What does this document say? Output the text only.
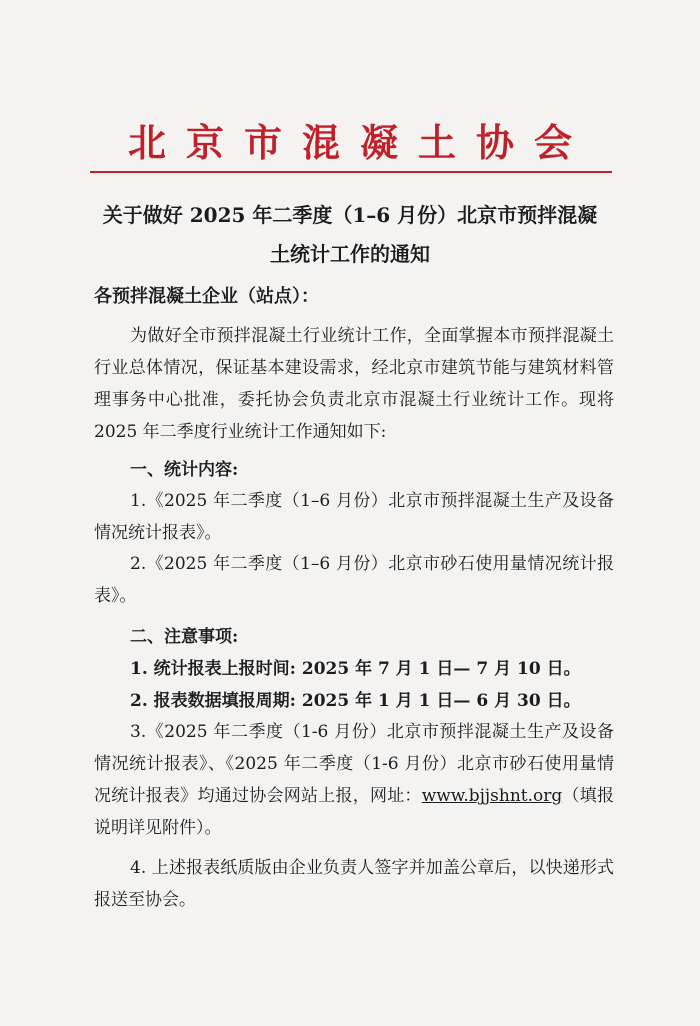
北京市混凝土协会
关于做好 2025 年二季度（1–6 月份）北京市预拌混凝
土统计工作的通知
各预拌混凝土企业（站点）：
为做好全市预拌混凝土行业统计工作，全面掌握本市预拌混凝土行业总体情况，保证基本建设需求，经北京市建筑节能与建筑材料管理事务中心批准，委托协会负责北京市混凝土行业统计工作。现将 2025 年二季度行业统计工作通知如下:
一、统计内容:
1.《2025 年二季度（1–6 月份）北京市预拌混凝土生产及设备情况统计报表》。
2.《2025 年二季度（1–6 月份）北京市砂石使用量情况统计报表》。
二、注意事项:
1. 统计报表上报时间: 2025 年 7 月 1 日— 7 月 10 日。
2. 报表数据填报周期: 2025 年 1 月 1 日— 6 月 30 日。
3.《2025 年二季度（1-6 月份）北京市预拌混凝土生产及设备情况统计报表》、《2025 年二季度（1-6 月份）北京市砂石使用量情况统计报表》均通过协会网站上报，网址：www.bjjshnt.org（填报说明详见附件）。
4. 上述报表纸质版由企业负责人签字并加盖公章后，以快递形式报送至协会。
